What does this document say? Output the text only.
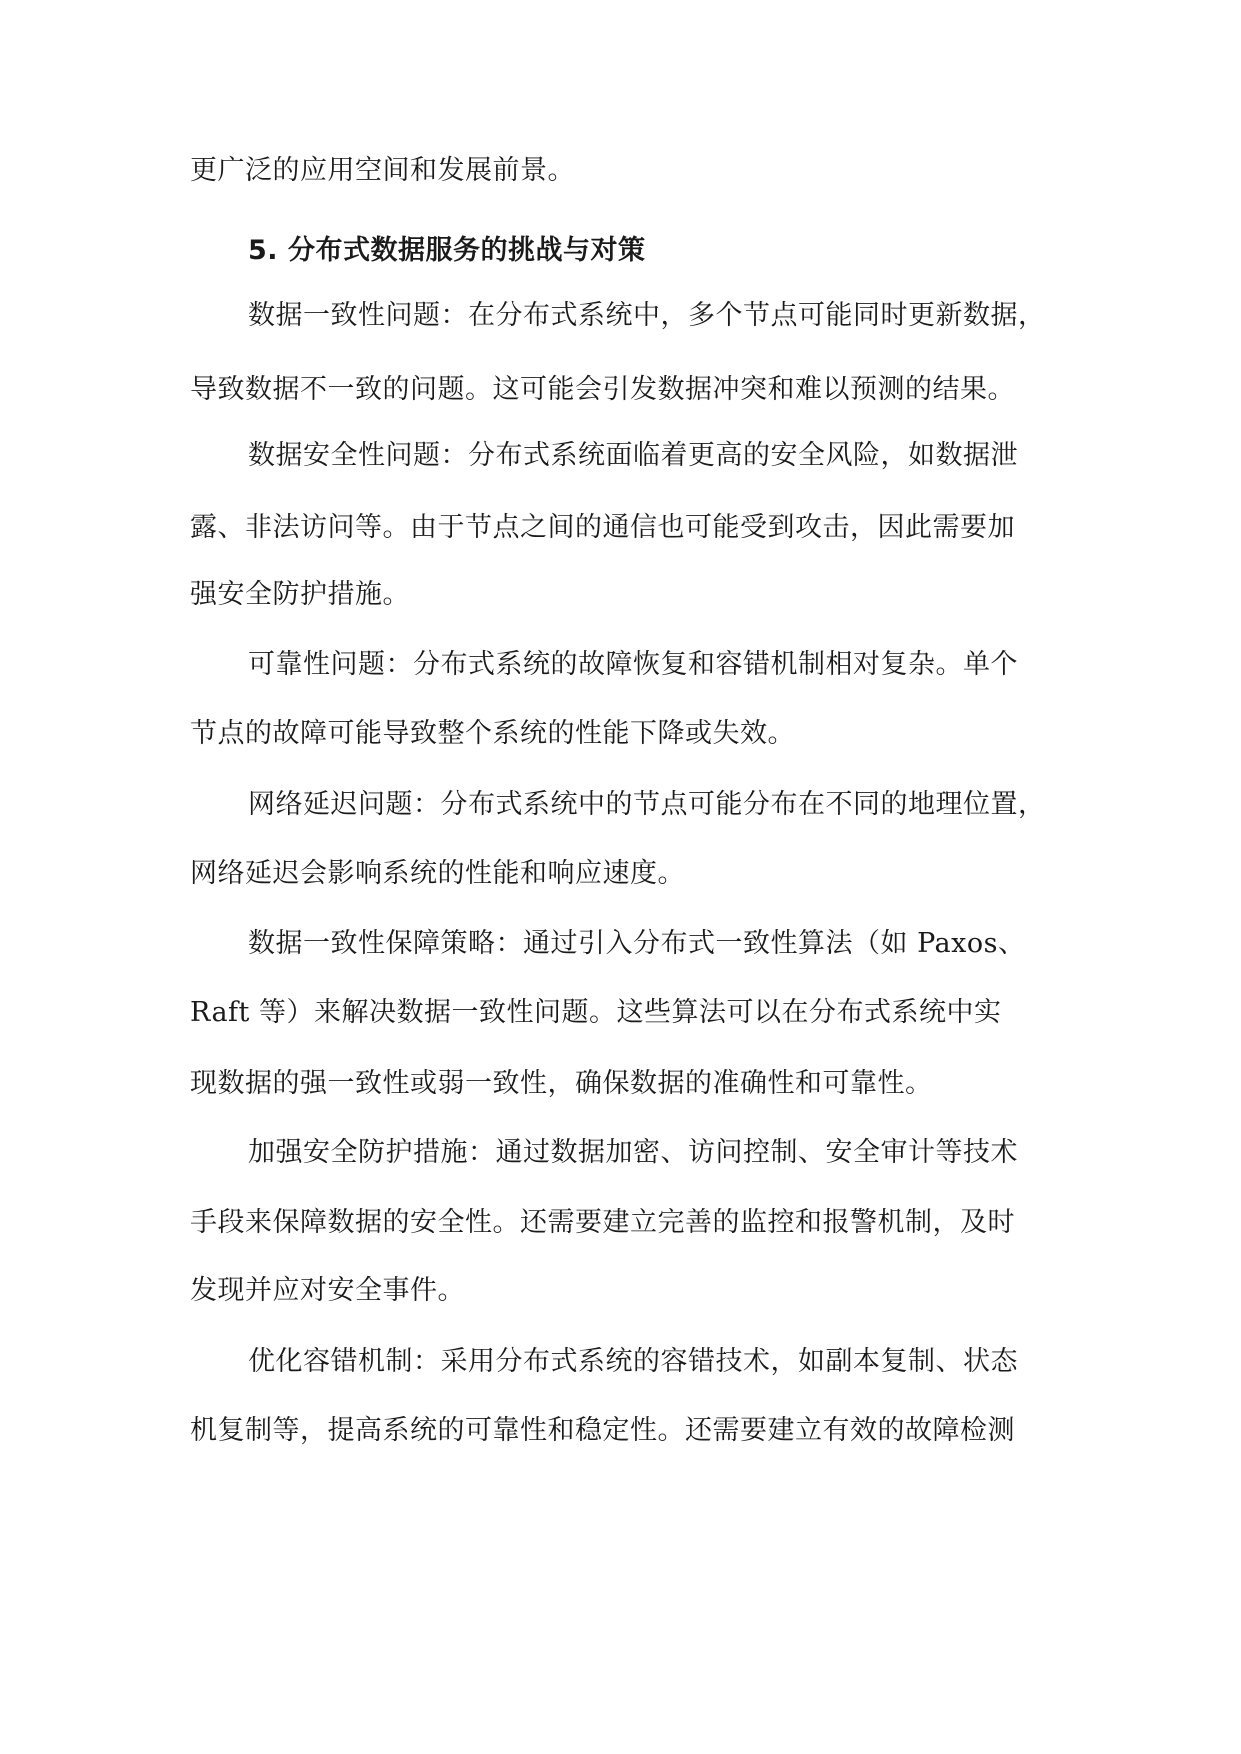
更广泛的应用空间和发展前景。
5. 分布式数据服务的挑战与对策
数据一致性问题：在分布式系统中，多个节点可能同时更新数据，
导致数据不一致的问题。这可能会引发数据冲突和难以预测的结果。
数据安全性问题：分布式系统面临着更高的安全风险，如数据泄
露、非法访问等。由于节点之间的通信也可能受到攻击，因此需要加
强安全防护措施。
可靠性问题：分布式系统的故障恢复和容错机制相对复杂。单个
节点的故障可能导致整个系统的性能下降或失效。
网络延迟问题：分布式系统中的节点可能分布在不同的地理位置，
网络延迟会影响系统的性能和响应速度。
数据一致性保障策略：通过引入分布式一致性算法（如 Paxos、
Raft 等）来解决数据一致性问题。这些算法可以在分布式系统中实
现数据的强一致性或弱一致性，确保数据的准确性和可靠性。
加强安全防护措施：通过数据加密、访问控制、安全审计等技术
手段来保障数据的安全性。还需要建立完善的监控和报警机制，及时
发现并应对安全事件。
优化容错机制：采用分布式系统的容错技术，如副本复制、状态
机复制等，提高系统的可靠性和稳定性。还需要建立有效的故障检测
